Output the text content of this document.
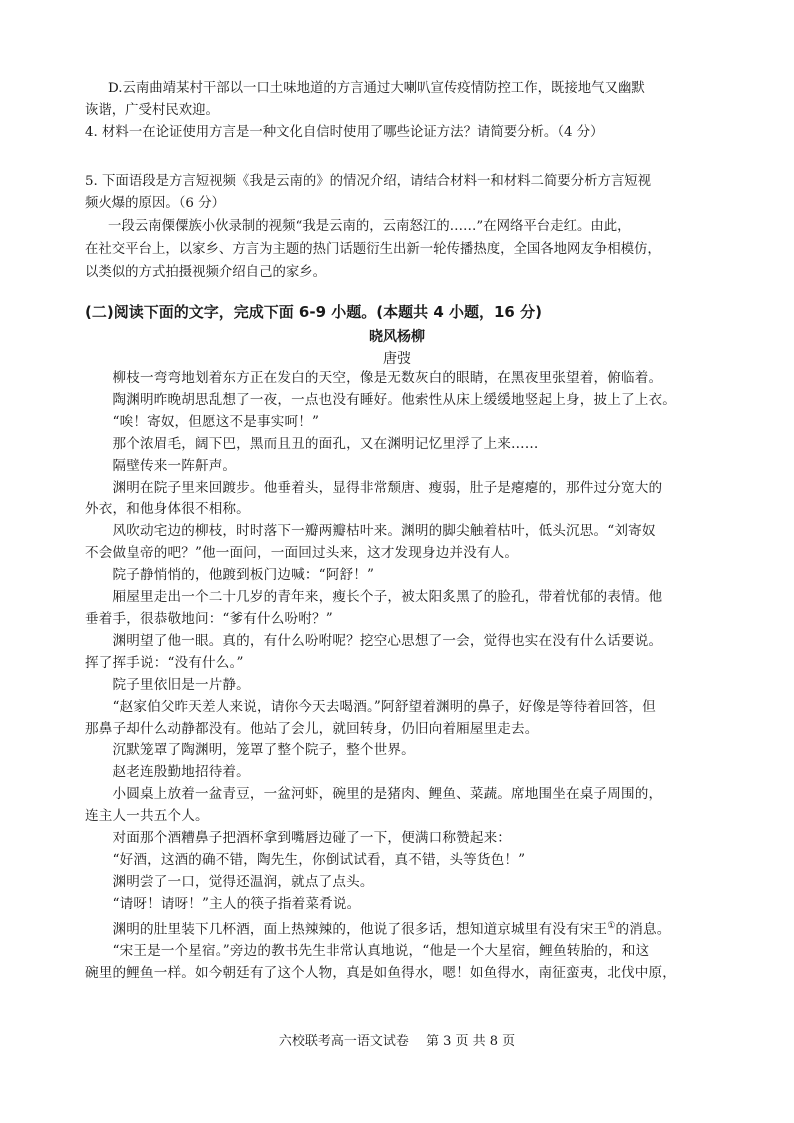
D.云南曲靖某村干部以一口土味地道的方言通过大喇叭宣传疫情防控工作，既接地气又幽默
诙谐，广受村民欢迎。
4. 材料一在论证使用方言是一种文化自信时使用了哪些论证方法？请简要分析。（4 分）
5. 下面语段是方言短视频《我是云南的》的情况介绍，请结合材料一和材料二简要分析方言短视
频火爆的原因。（6 分）
一段云南傈僳族小伙录制的视频“我是云南的，云南怒江的……”在网络平台走红。由此，
在社交平台上，以家乡、方言为主题的热门话题衍生出新一轮传播热度，全国各地网友争相模仿，
以类似的方式拍摄视频介绍自己的家乡。
(二)阅读下面的文字，完成下面 6-9 小题。(本题共 4 小题，16 分)
晓风杨柳
唐弢
　　柳枝一弯弯地划着东方正在发白的天空，像是无数灰白的眼睛，在黑夜里张望着，俯临着。
　　陶渊明昨晚胡思乱想了一夜，一点也没有睡好。他索性从床上缓缓地竖起上身，披上了上衣。
　　“唉！寄奴，但愿这不是事实呵！”
　　那个浓眉毛，阔下巴，黑而且丑的面孔，又在渊明记忆里浮了上来……
　　隔壁传来一阵鼾声。
　　渊明在院子里来回踱步。他垂着头，显得非常颓唐、瘦弱，肚子是瘪瘪的，那件过分宽大的
外衣，和他身体很不相称。
　　风吹动宅边的柳枝，时时落下一瓣两瓣枯叶来。渊明的脚尖触着枯叶，低头沉思。“刘寄奴
不会做皇帝的吧？”他一面问，一面回过头来，这才发现身边并没有人。
　　院子静悄悄的，他踱到板门边喊：“阿舒！”
　　厢屋里走出一个二十几岁的青年来，瘦长个子，被太阳炙黑了的脸孔，带着忧郁的表情。他
垂着手，很恭敬地问：“爹有什么吩咐？”
　　渊明望了他一眼。真的，有什么吩咐呢？挖空心思想了一会，觉得也实在没有什么话要说。
挥了挥手说：“没有什么。”
　　院子里依旧是一片静。
　　“赵家伯父昨天差人来说，请你今天去喝酒。”阿舒望着渊明的鼻子，好像是等待着回答，但
那鼻子却什么动静都没有。他站了会儿，就回转身，仍旧向着厢屋里走去。
　　沉默笼罩了陶渊明，笼罩了整个院子，整个世界。
　　赵老连殷勤地招待着。
　　小圆桌上放着一盆青豆，一盆河虾，碗里的是猪肉、鲤鱼、菜蔬。席地围坐在桌子周围的，
连主人一共五个人。
　　对面那个酒糟鼻子把酒杯拿到嘴唇边碰了一下，便满口称赞起来：
　　“好酒，这酒的确不错，陶先生，你倒试试看，真不错，头等货色！”
　　渊明尝了一口，觉得还温润，就点了点头。
　　“请呀！请呀！”主人的筷子指着菜肴说。
　　渊明的肚里装下几杯酒，面上热辣辣的，他说了很多话，想知道京城里有没有宋王①的消息。
　　“宋王是一个星宿。”旁边的教书先生非常认真地说，“他是一个大星宿，鲤鱼转胎的，和这
碗里的鲤鱼一样。如今朝廷有了这个人物，真是如鱼得水，嗯！如鱼得水，南征蛮夷，北伐中原，
六校联考高一语文试卷　 第 3 页 共 8 页
